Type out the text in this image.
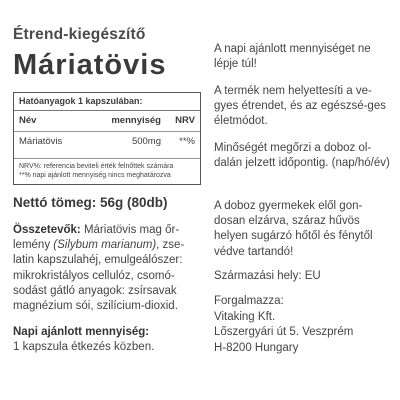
Étrend-kiegészítő
Máriatövis
Hatóanyagok 1 kapszulában:
Név	mennyiség	NRV
Máriatövis	500mg	**%
NRV%: referencia beviteli érték felnőttek számára
**% napi ajánlott mennyiség nincs meghatározva
Nettó tömeg: 56g (80db)
Összetevők: Máriatövis mag őr-lemény (Silybum marianum), zse-latin kapszulahéj, emulgeálószer: mikrokristályos cellulóz, csomó-sodást gátló anyagok: zsírsavak magnézium sói, szilícium-dioxid.
Napi ajánlott mennyiség:
1 kapszula étkezés közben.

A napi ajánlott mennyiséget ne lépje túl!

A termék nem helyettesíti a ve-gyes étrendet, és az egészsé-ges életmódot.

Minőségét megőrzi a doboz ol-dalán jelzett időpontig. (nap/hó/év)

A doboz gyermekek elől gon-dosan elzárva, száraz hűvös helyen sugárzó hőtől és fénytől védve tartandó!

Származási hely: EU

Forgalmazza:
Vitaking Kft.
Lőszergyári út 5. Veszprém
H-8200 Hungary
